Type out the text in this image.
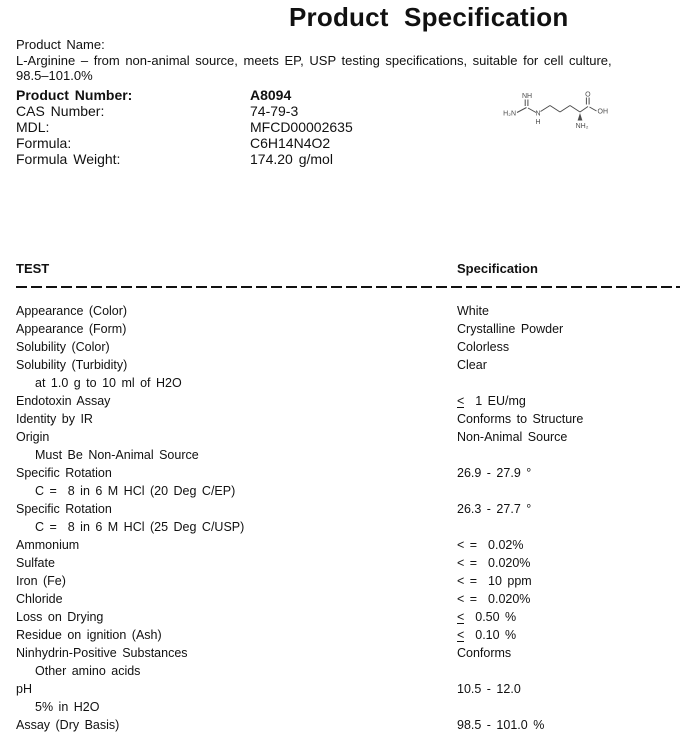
Product Specification
Product Name:
L-Arginine – from non-animal source, meets EP, USP testing specifications, suitable for cell culture,
98.5–101.0%
Product Number:	A8094
CAS Number:	74-79-3
MDL:	MFCD00002635
Formula:	C6H14N4O2
Formula Weight:	174.20 g/mol
NH
H₂N	N
H
O
OH
NH₂
TEST	Specification
Appearance (Color)	White
Appearance (Form)	Crystalline Powder
Solubility (Color)	Colorless
Solubility (Turbidity)	Clear
at 1.0 g to 10 ml of H2O
Endotoxin Assay	<  1 EU/mg
Identity by IR	Conforms to Structure
Origin	Non-Animal Source
Must Be Non-Animal Source
Specific Rotation	26.9 - 27.9 °
C =  8 in 6 M HCl (20 Deg C/EP)
Specific Rotation	26.3 - 27.7 °
C =  8 in 6 M HCl (25 Deg C/USP)
Ammonium	< =  0.02%
Sulfate	< =  0.020%
Iron (Fe)	< =  10 ppm
Chloride	< =  0.020%
Loss on Drying	<  0.50 %
Residue on ignition (Ash)	<  0.10 %
Ninhydrin-Positive Substances	Conforms
Other amino acids
pH	10.5 - 12.0
5% in H2O
Assay (Dry Basis)	98.5 - 101.0 %
